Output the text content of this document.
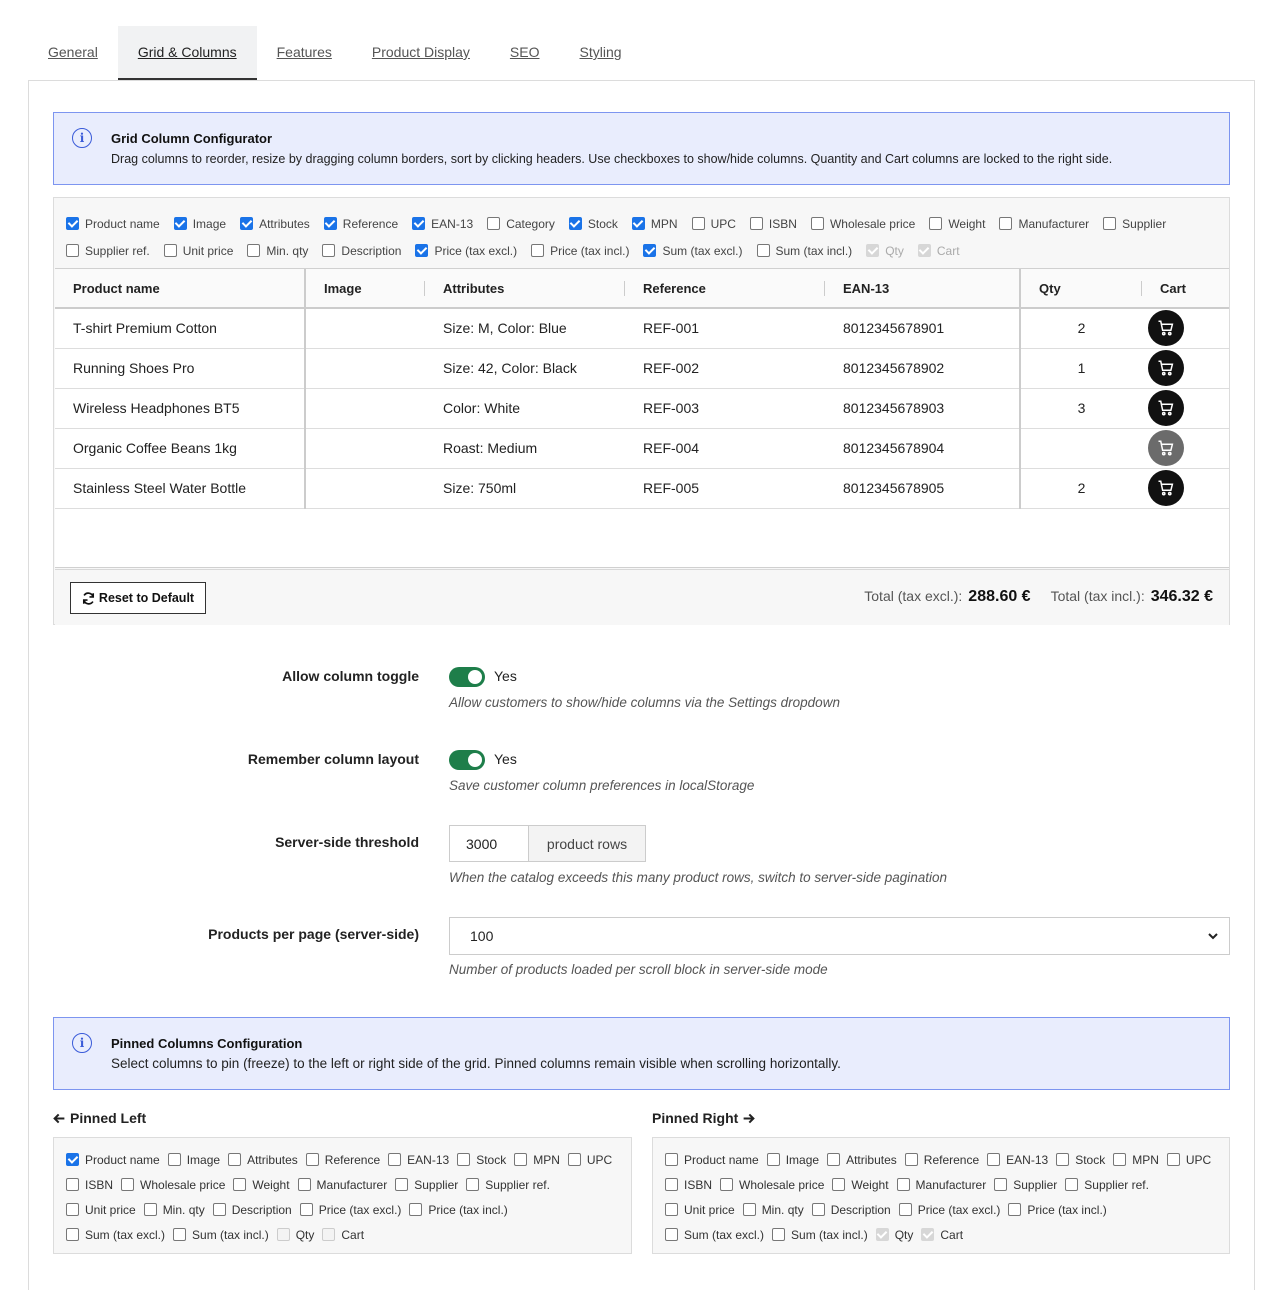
General	Grid & Columns	Features	Product Display	SEO	Styling
i	Grid Column Configurator
Drag columns to reorder, resize by dragging column borders, sort by clicking headers. Use checkboxes to show/hide columns. Quantity and Cart columns are locked to the right side.
Product name	Image	Attributes	Reference	EAN-13	Category	Stock	MPN	UPC	ISBN	Wholesale price	Weight	Manufacturer	Supplier
Supplier ref.	Unit price	Min. qty	Description	Price (tax excl.)	Price (tax incl.)	Sum (tax excl.)	Sum (tax incl.)	Qty	Cart
Product name	Image	Attributes	Reference	EAN-13	Qty	Cart
T-shirt Premium Cotton		Size: M, Color: Blue	REF-001	8012345678901	2	

Running Shoes Pro		Size: 42, Color: Black	REF-002	8012345678902	1	

Wireless Headphones BT5		Color: White	REF-003	8012345678903	3	

Organic Coffee Beans 1kg		Roast: Medium	REF-004	8012345678904		

Stainless Steel Water Bottle		Size: 750ml	REF-005	8012345678905	2	
Reset to Default	Total (tax excl.): 288.60 € Total (tax incl.): 346.32 €
Allow column toggle	Yes
Allow customers to show/hide columns via the Settings dropdown
Remember column layout	Yes
Save customer column preferences in localStorage
Server-side threshold	3000	product rows
When the catalog exceeds this many product rows, switch to server-side pagination
Products per page (server-side)	100
Number of products loaded per scroll block in server-side mode
i	Pinned Columns Configuration
Select columns to pin (freeze) to the left or right side of the grid. Pinned columns remain visible when scrolling horizontally.
Pinned Left	Pinned Right
Product name Image Attributes Reference EAN-13 Stock MPN UPC
ISBN Wholesale price Weight Manufacturer Supplier Supplier ref.
Unit price Min. qty Description Price (tax excl.) Price (tax incl.)
Sum (tax excl.) Sum (tax incl.) Qty Cart
Product name Image Attributes Reference EAN-13 Stock MPN UPC
ISBN Wholesale price Weight Manufacturer Supplier Supplier ref.
Unit price Min. qty Description Price (tax excl.) Price (tax incl.)
Sum (tax excl.) Sum (tax incl.) Qty Cart
